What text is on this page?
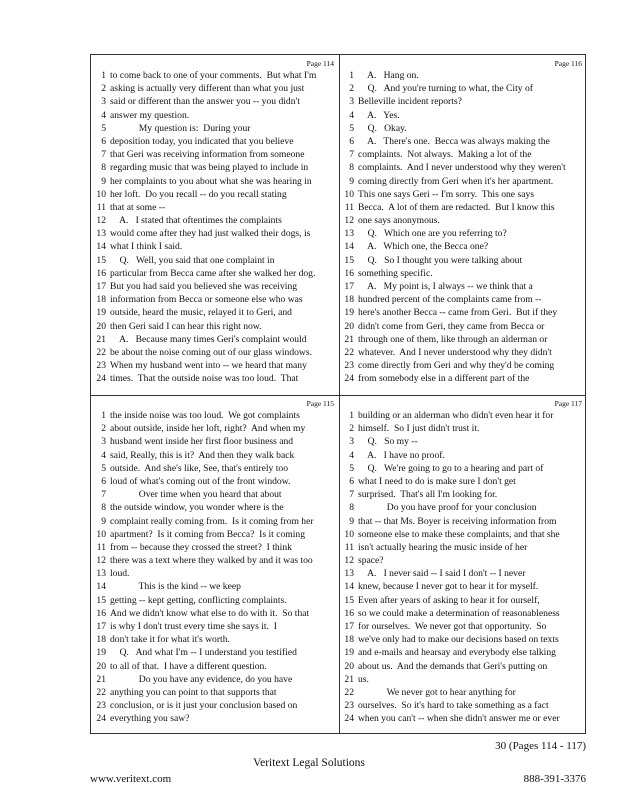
Page 114
1 to come back to one of your comments.  But what I'm
2 asking is actually very different than what you just
3 said or different than the answer you -- you didn't
4 answer my question.
5            My question is:  During your
6 deposition today, you indicated that you believe
7 that Geri was receiving information from someone
8 regarding music that was being played to include in
9 her complaints to you about what she was hearing in
10 her loft.  Do you recall -- do you recall stating
11 that at some --
12    A.   I stated that oftentimes the complaints
13 would come after they had just walked their dogs, is
14 what I think I said.
15    Q.   Well, you said that one complaint in
16 particular from Becca came after she walked her dog.
17 But you had said you believed she was receiving
18 information from Becca or someone else who was
19 outside, heard the music, relayed it to Geri, and
20 then Geri said I can hear this right now.
21    A.   Because many times Geri's complaint would
22 be about the noise coming out of our glass windows.
23 When my husband went into -- we heard that many
24 times.  That the outside noise was too loud.  That
Page 116
1    A.   Hang on.
2    Q.   And you're turning to what, the City of
3 Belleville incident reports?
4    A.   Yes.
5    Q.   Okay.
6    A.   There's one.  Becca was always making the
7 complaints.  Not always.  Making a lot of the
8 complaints.  And I never understood why they weren't
9 coming directly from Geri when it's her apartment.
10 This one says Geri -- I'm sorry.  This one says
11 Becca.  A lot of them are redacted.  But I know this
12 one says anonymous.
13    Q.   Which one are you referring to?
14    A.   Which one, the Becca one?
15    Q.   So I thought you were talking about
16 something specific.
17    A.   My point is, I always -- we think that a
18 hundred percent of the complaints came from --
19 here's another Becca -- came from Geri.  But if they
20 didn't come from Geri, they came from Becca or
21 through one of them, like through an alderman or
22 whatever.  And I never understood why they didn't
23 come directly from Geri and why they'd be coming
24 from somebody else in a different part of the
Page 115
1 the inside noise was too loud.  We got complaints
2 about outside, inside her loft, right?  And when my
3 husband went inside her first floor business and
4 said, Really, this is it?  And then they walk back
5 outside.  And she's like, See, that's entirely too
6 loud of what's coming out of the front window.
7            Over time when you heard that about
8 the outside window, you wonder where is the
9 complaint really coming from.  Is it coming from her
10 apartment?  Is it coming from Becca?  Is it coming
11 from -- because they crossed the street?  I think
12 there was a text where they walked by and it was too
13 loud.
14            This is the kind -- we keep
15 getting -- kept getting, conflicting complaints.
16 And we didn't know what else to do with it.  So that
17 is why I don't trust every time she says it.  I
18 don't take it for what it's worth.
19    Q.   And what I'm -- I understand you testified
20 to all of that.  I have a different question.
21            Do you have any evidence, do you have
22 anything you can point to that supports that
23 conclusion, or is it just your conclusion based on
24 everything you saw?
Page 117
1 building or an alderman who didn't even hear it for
2 himself.  So I just didn't trust it.
3    Q.   So my --
4    A.   I have no proof.
5    Q.   We're going to go to a hearing and part of
6 what I need to do is make sure I don't get
7 surprised.  That's all I'm looking for.
8            Do you have proof for your conclusion
9 that -- that Ms. Boyer is receiving information from
10 someone else to make these complaints, and that she
11 isn't actually hearing the music inside of her
12 space?
13    A.   I never said -- I said I don't -- I never
14 knew, because I never got to hear it for myself.
15 Even after years of asking to hear it for ourself,
16 so we could make a determination of reasonableness
17 for ourselves.  We never got that opportunity.  So
18 we've only had to make our decisions based on texts
19 and e-mails and hearsay and everybody else talking
20 about us.  And the demands that Geri's putting on
21 us.
22            We never got to hear anything for
23 ourselves.  So it's hard to take something as a fact
24 when you can't -- when she didn't answer me or ever
30 (Pages 114 - 117)
Veritext Legal Solutions
www.veritext.com	888-391-3376
